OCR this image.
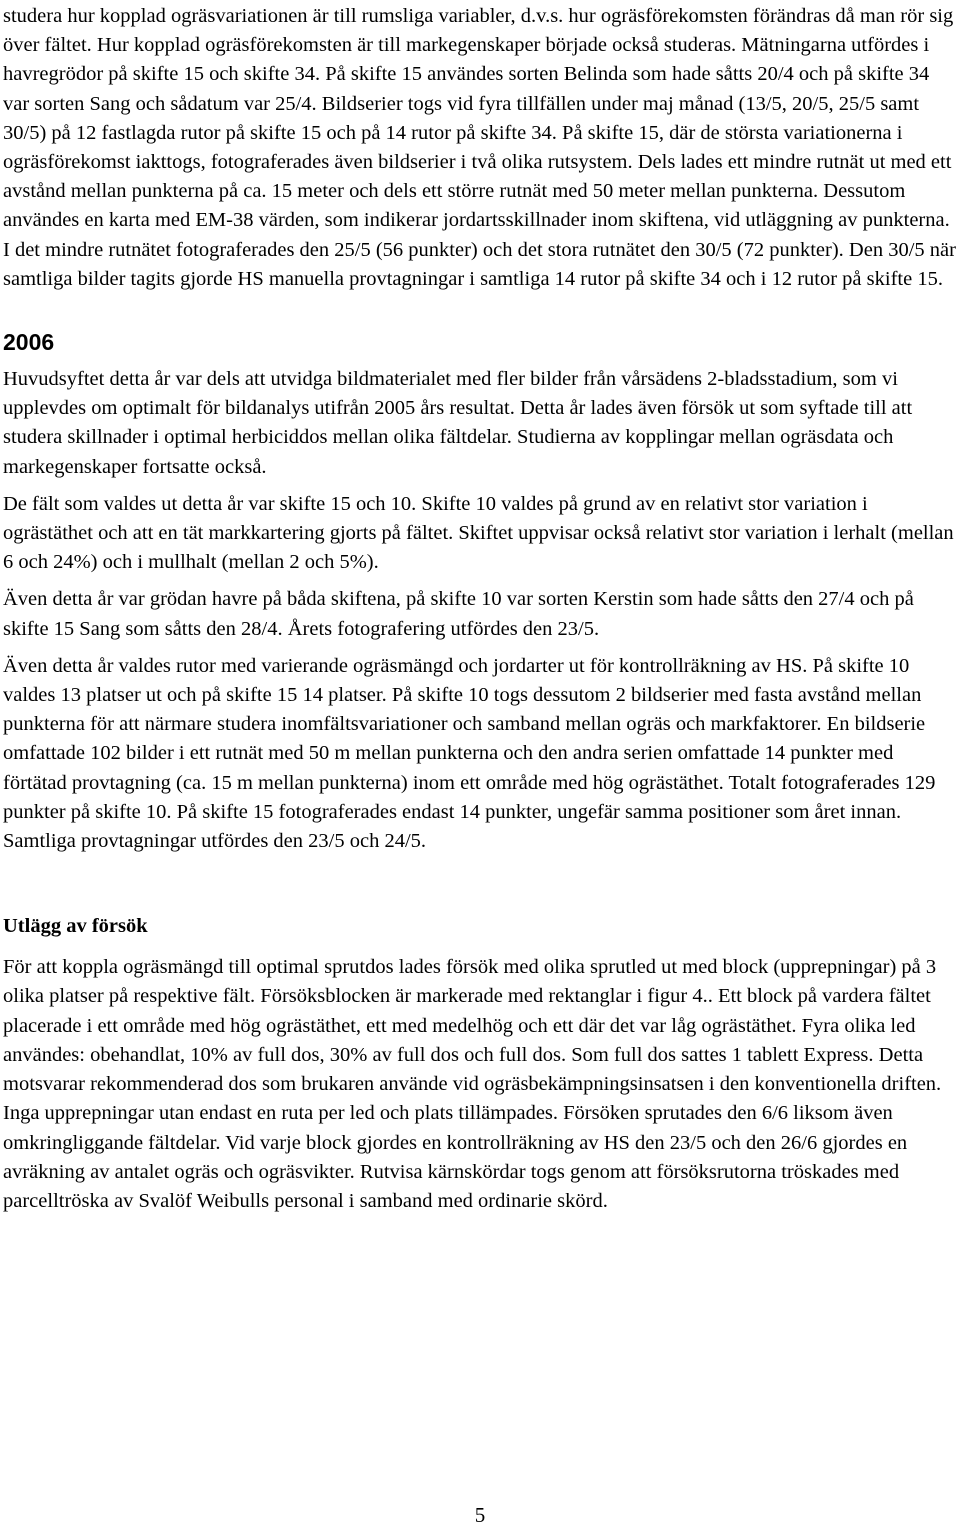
studera hur kopplad ogräsvariationen är till rumsliga variabler, d.v.s. hur ogräsförekomsten förändras då man rör sig över fältet. Hur kopplad ogräsförekomsten är till markegenskaper började också studeras. Mätningarna utfördes i havregrödor på skifte 15 och skifte 34. På skifte 15 användes sorten Belinda som hade såtts 20/4 och på skifte 34 var sorten Sang och sådatum var 25/4. Bildserier togs vid fyra tillfällen under maj månad (13/5, 20/5, 25/5 samt 30/5) på 12 fastlagda rutor på skifte 15 och på 14 rutor på skifte 34. På skifte 15, där de största variationerna i ogräsförekomst iakttogs, fotograferades även bildserier i två olika rutsystem. Dels lades ett mindre rutnät ut med ett avstånd mellan punkterna på ca. 15 meter och dels ett större rutnät med 50 meter mellan punkterna. Dessutom användes en karta med EM-38 värden, som indikerar jordartsskillnader inom skiftena, vid utläggning av punkterna. I det mindre rutnätet fotograferades den 25/5 (56 punkter) och det stora rutnätet den 30/5 (72 punkter). Den 30/5 när samtliga bilder tagits gjorde HS manuella provtagningar i samtliga 14 rutor på skifte 34 och i 12 rutor på skifte 15.

2006

Huvudsyftet detta år var dels att utvidga bildmaterialet med fler bilder från vårsädens 2-bladsstadium, som vi upplevdes om optimalt för bildanalys utifrån 2005 års resultat. Detta år lades även försök ut som syftade till att studera skillnader i optimal herbiciddos mellan olika fältdelar. Studierna av kopplingar mellan ogräsdata och markegenskaper fortsatte också.

De fält som valdes ut detta år var skifte 15 och 10. Skifte 10 valdes på grund av en relativt stor variation i ogrästäthet och att en tät markkartering gjorts på fältet. Skiftet uppvisar också relativt stor variation i lerhalt (mellan 6 och 24%) och i mullhalt (mellan 2 och 5%).

Även detta år var grödan havre på båda skiftena, på skifte 10 var sorten Kerstin som hade såtts den 27/4 och på skifte 15 Sang som såtts den 28/4. Årets fotografering utfördes den 23/5.

Även detta år valdes rutor med varierande ogräsmängd och jordarter ut för kontrollräkning av HS. På skifte 10 valdes 13 platser ut och på skifte 15 14 platser. På skifte 10 togs dessutom 2 bildserier med fasta avstånd mellan punkterna för att närmare studera inomfältsvariationer och samband mellan ogräs och markfaktorer. En bildserie omfattade 102 bilder i ett rutnät med 50 m mellan punkterna och den andra serien omfattade 14 punkter med förtätad provtagning (ca. 15 m mellan punkterna) inom ett område med hög ogrästäthet. Totalt fotograferades 129 punkter på skifte 10. På skifte 15 fotograferades endast 14 punkter, ungefär samma positioner som året innan. Samtliga provtagningar utfördes den 23/5 och 24/5.

Utlägg av försök

För att koppla ogräsmängd till optimal sprutdos lades försök med olika sprutled ut med block (upprepningar) på 3 olika platser på respektive fält. Försöksblocken är markerade med rektanglar i figur 4.. Ett block på vardera fältet placerade i ett område med hög ogrästäthet, ett med medelhög och ett där det var låg ogrästäthet. Fyra olika led användes: obehandlat, 10% av full dos, 30% av full dos och full dos. Som full dos sattes 1 tablett Express. Detta motsvarar rekommenderad dos som brukaren använde vid ogräsbekämpningsinsatsen i den konventionella driften. Inga upprepningar utan endast en ruta per led och plats tillämpades. Försöken sprutades den 6/6 liksom även omkringliggande fältdelar. Vid varje block gjordes en kontrollräkning av HS den 23/5 och den 26/6 gjordes en avräkning av antalet ogräs och ogräsvikter. Rutvisa kärnskördar togs genom att försöksrutorna tröskades med parcelltröska av Svalöf Weibulls personal i samband med ordinarie skörd.

5
